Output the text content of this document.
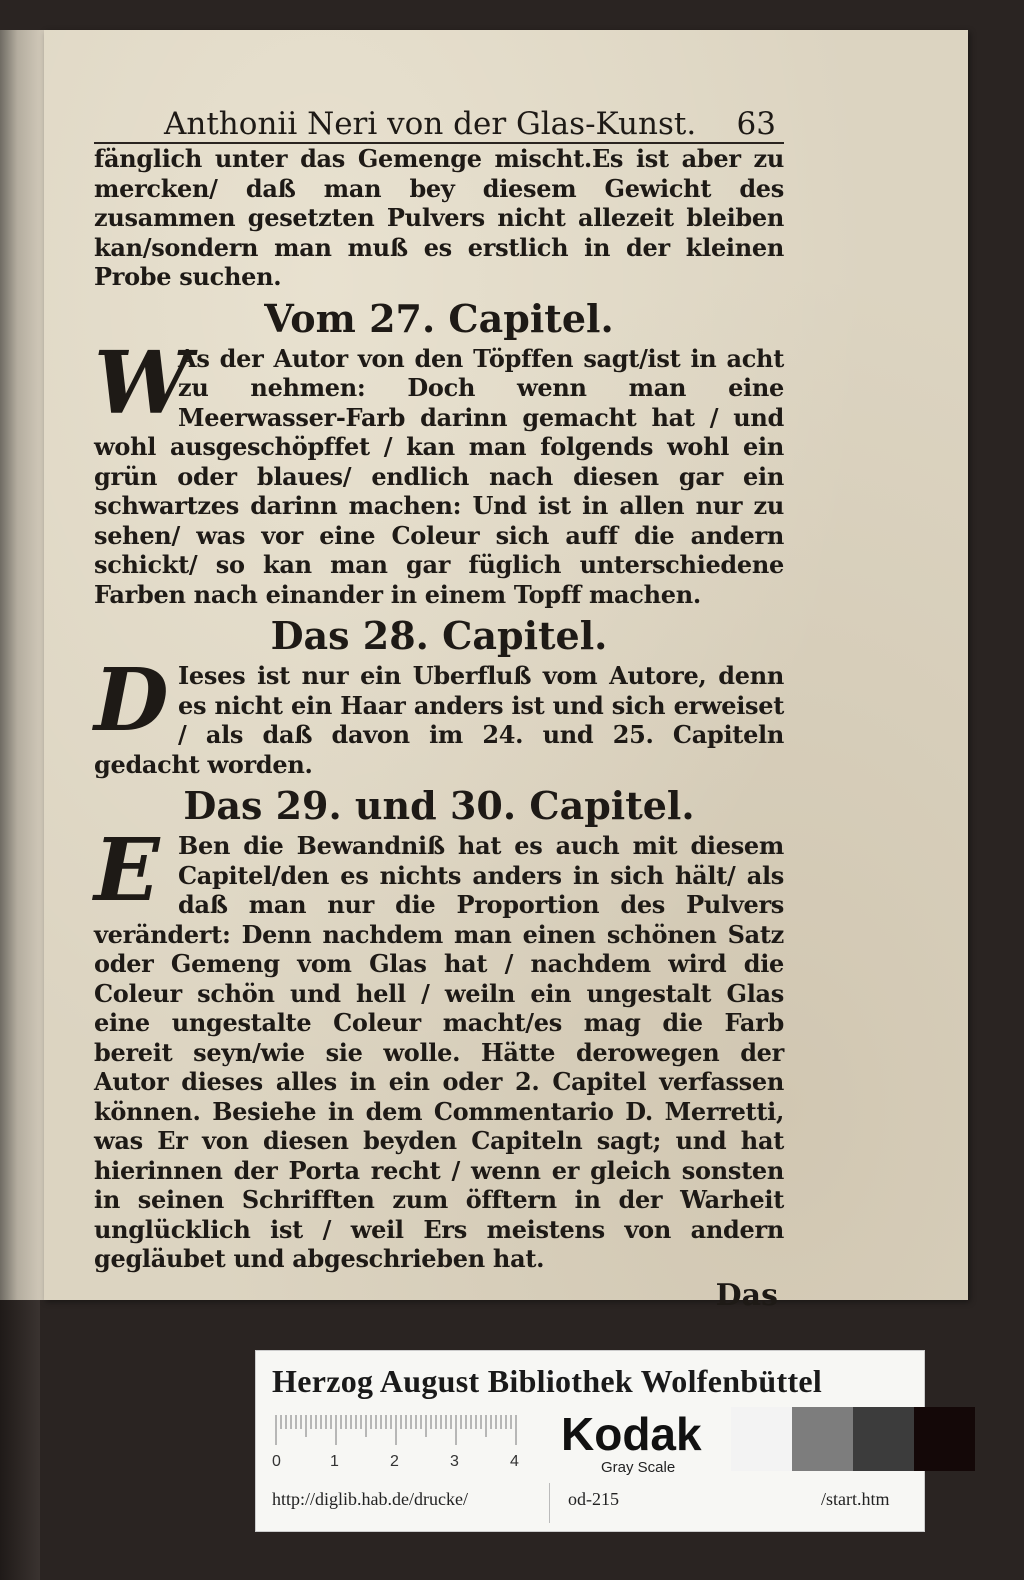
Anthonii Neri von der Glas-Kunst. 63

fänglich unter das Gemenge mischt.Es ist aber zu mercken/ daß man bey diesem Gewicht des zusammen gesetzten Pulvers nicht allezeit bleiben kan/sondern man muß es erstlich in der kleinen Probe suchen.

Vom 27. Capitel.

W
As der Autor von den Töpffen sagt/ist in acht zu nehmen: Doch wenn man eine Meerwasser-Farb darinn gemacht hat / und wohl ausgeschöpffet / kan man folgends wohl ein grün oder blaues/ endlich nach diesen gar ein schwartzes darinn machen: Und ist in allen nur zu sehen/ was vor eine Coleur sich auff die andern schickt/ so kan man gar füglich unterschiedene Farben nach einander in einem Topff machen.

Das 28. Capitel.

D Ieses ist nur ein Uberfluß vom Autore, denn es nicht ein Haar anders ist und sich erweiset / als daß davon im 24. und 25. Capiteln gedacht worden.

Das 29. und 30. Capitel.

E Ben die Bewandniß hat es auch mit diesem Capitel/den es nichts anders in sich hält/ als daß man nur die Proportion des Pulvers verändert: Denn nachdem man einen schönen Satz oder Gemeng vom Glas hat / nachdem wird die Coleur schön und hell / weiln ein ungestalt Glas eine ungestalte Coleur macht/es mag die Farb bereit seyn/wie sie wolle. Hätte derowegen der Autor dieses alles in ein oder 2. Capitel verfassen können. Besiehe in dem Commentario D. Merretti, was Er von diesen beyden Capiteln sagt; und hat hierinnen der Porta recht / wenn er gleich sonsten in seinen Schrifften zum öfftern in der Warheit unglücklich ist / weil Ers meistens von andern gegläubet und abgeschrieben hat.

Das
Herzog August Bibliothek Wolfenbüttel
0	1	2	3	4
Kodak
Gray Scale
http://diglib.hab.de/drucke/	od-215	/start.htm
